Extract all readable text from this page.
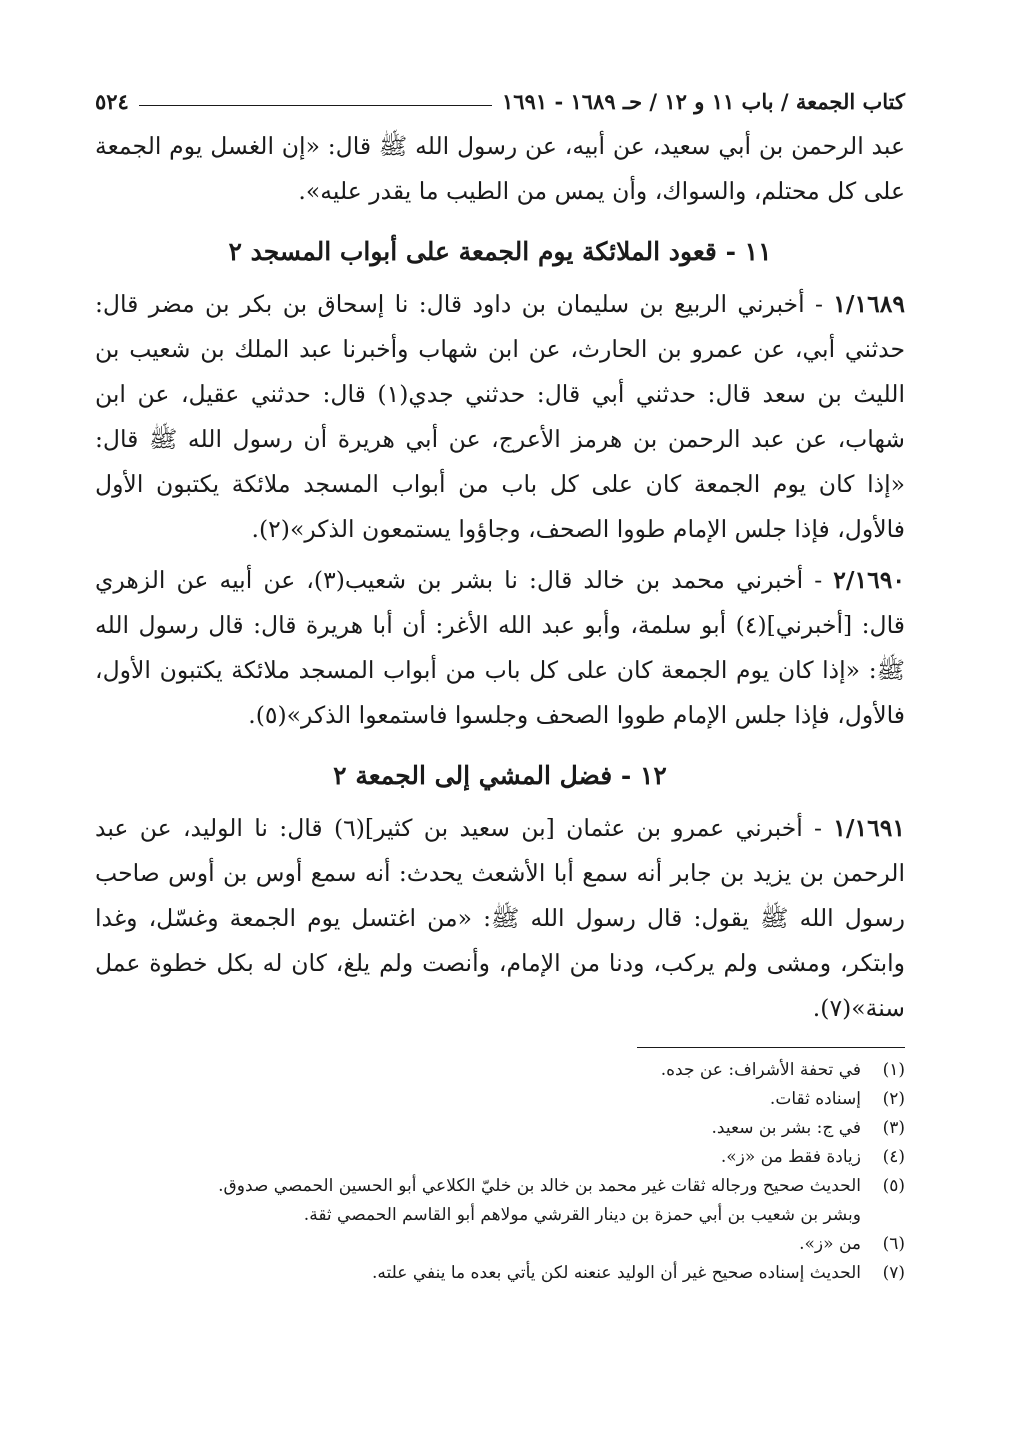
كتاب الجمعة / باب ١١ و ١٢ / حـ ١٦٨٩ - ١٦٩١
٥٢٤

عبد الرحمن بن أبي سعيد، عن أبيه، عن رسول الله ﷺ قال: «إن الغسل يوم الجمعة على كل محتلم، والسواك، وأن يمس من الطيب ما يقدر عليه».

١١ - قعود الملائكة يوم الجمعة على أبواب المسجد ٢

١/١٦٨٩ - أخبرني الربيع بن سليمان بن داود قال: نا إسحاق بن بكر بن مضر قال: حدثني أبي، عن عمرو بن الحارث، عن ابن شهاب وأخبرنا عبد الملك بن شعيب بن الليث بن سعد قال: حدثني أبي قال: حدثني جدي(١) قال: حدثني عقيل، عن ابن شهاب، عن عبد الرحمن بن هرمز الأعرج، عن أبي هريرة أن رسول الله ﷺ قال: «إذا كان يوم الجمعة كان على كل باب من أبواب المسجد ملائكة يكتبون الأول فالأول، فإذا جلس الإمام طووا الصحف، وجاؤوا يستمعون الذكر»(٢).

٢/١٦٩٠ - أخبرني محمد بن خالد قال: نا بشر بن شعيب(٣)، عن أبيه عن الزهري قال: [أخبرني](٤) أبو سلمة، وأبو عبد الله الأغر: أن أبا هريرة قال: قال رسول الله ﷺ: «إذا كان يوم الجمعة كان على كل باب من أبواب المسجد ملائكة يكتبون الأول، فالأول، فإذا جلس الإمام طووا الصحف وجلسوا فاستمعوا الذكر»(٥).

١٢ - فضل المشي إلى الجمعة ٢

١/١٦٩١ - أخبرني عمرو بن عثمان [بن سعيد بن كثير](٦) قال: نا الوليد، عن عبد الرحمن بن يزيد بن جابر أنه سمع أبا الأشعث يحدث: أنه سمع أوس بن أوس صاحب رسول الله ﷺ يقول: قال رسول الله ﷺ: «من اغتسل يوم الجمعة وغسّل، وغدا وابتكر، ومشى ولم يركب، ودنا من الإمام، وأنصت ولم يلغ، كان له بكل خطوة عمل سنة»(٧).

(١)
في تحفة الأشراف: عن جده.
(٢)
إسناده ثقات.
(٣)
في ج: بشر بن سعيد.
(٤)
زيادة فقط من «ز».
(٥)
الحديث صحيح ورجاله ثقات غير محمد بن خالد بن خليّ الكلاعي أبو الحسين الحمصي صدوق.
وبشر بن شعيب بن أبي حمزة بن دينار القرشي مولاهم أبو القاسم الحمصي ثقة.
(٦)
من «ز».
(٧)
الحديث إسناده صحيح غير أن الوليد عنعنه لكن يأتي بعده ما ينفي علته.
